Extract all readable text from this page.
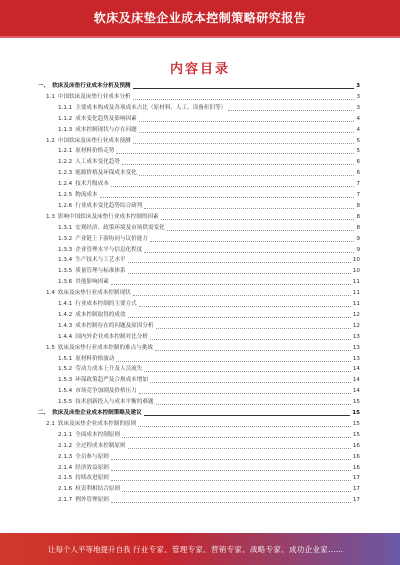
软床及床垫企业成本控制策略研究报告
内容目录
一、 软床及床垫行业成本分析及预测	3
1.1 中国软床及床垫行业成本分析	3
1.1.1 主要成本构成及各项成本占比（原材料、人工、设备折旧等）	3
1.1.2 成本变化趋势及影响因素	4
1.1.3 成本控制现状与存在问题	4
1.2 中国软床及床垫行业成本预测	5
1.2.1 原材料价格走势	5
1.2.2 人工成本变化趋势	6
1.2.3 能源价格及环保成本变化	6
1.2.4 技术升级成本	7
1.2.5 物流成本	7
1.2.6 行业成本变化趋势综合研判	8
1.3 影响中国软床及床垫行业成本控制的因素	8
1.3.1 宏观经济、政策环境及市场供需变化	8
1.3.2 产业链上下游协同与议价能力	9
1.3.3 企业管理水平与信息化程度	9
1.3.4 生产技术与工艺水平	10
1.3.5 质量管理与标准体系	10
1.3.6 其他影响因素	11
1.4 软床及床垫行业成本控制现状	11
1.4.1 行业成本控制的主要方式	11
1.4.2 成本控制取得的成效	12
1.4.3 成本控制存在的问题及原因分析	12
1.4.4 国内外企业成本控制对比分析	13
1.5 软床及床垫行业成本控制的难点与挑战	13
1.5.1 原材料价格波动	13
1.5.2 劳动力成本上升及人员流失	14
1.5.3 环保政策趋严及合规成本增加	14
1.5.4 市场竞争加剧及价格压力	14
1.5.5 技术创新投入与成本平衡的难题	15
二、 软床及床垫企业成本控制策略及建议	15
2.1 软床及床垫企业成本控制的原则	15
2.1.1 全面成本控制原则	15
2.1.2 全过程成本控制原则	16
2.1.3 全员参与原则	16
2.1.4 经济效益原则	16
2.1.5 持续改进原则	17
2.1.6 权责利相结合原则	17
2.1.7 例外管理原则	17
让每个人平等地提升自我 行业专家、管理专家、营销专家、战略专家、成功企业家……
